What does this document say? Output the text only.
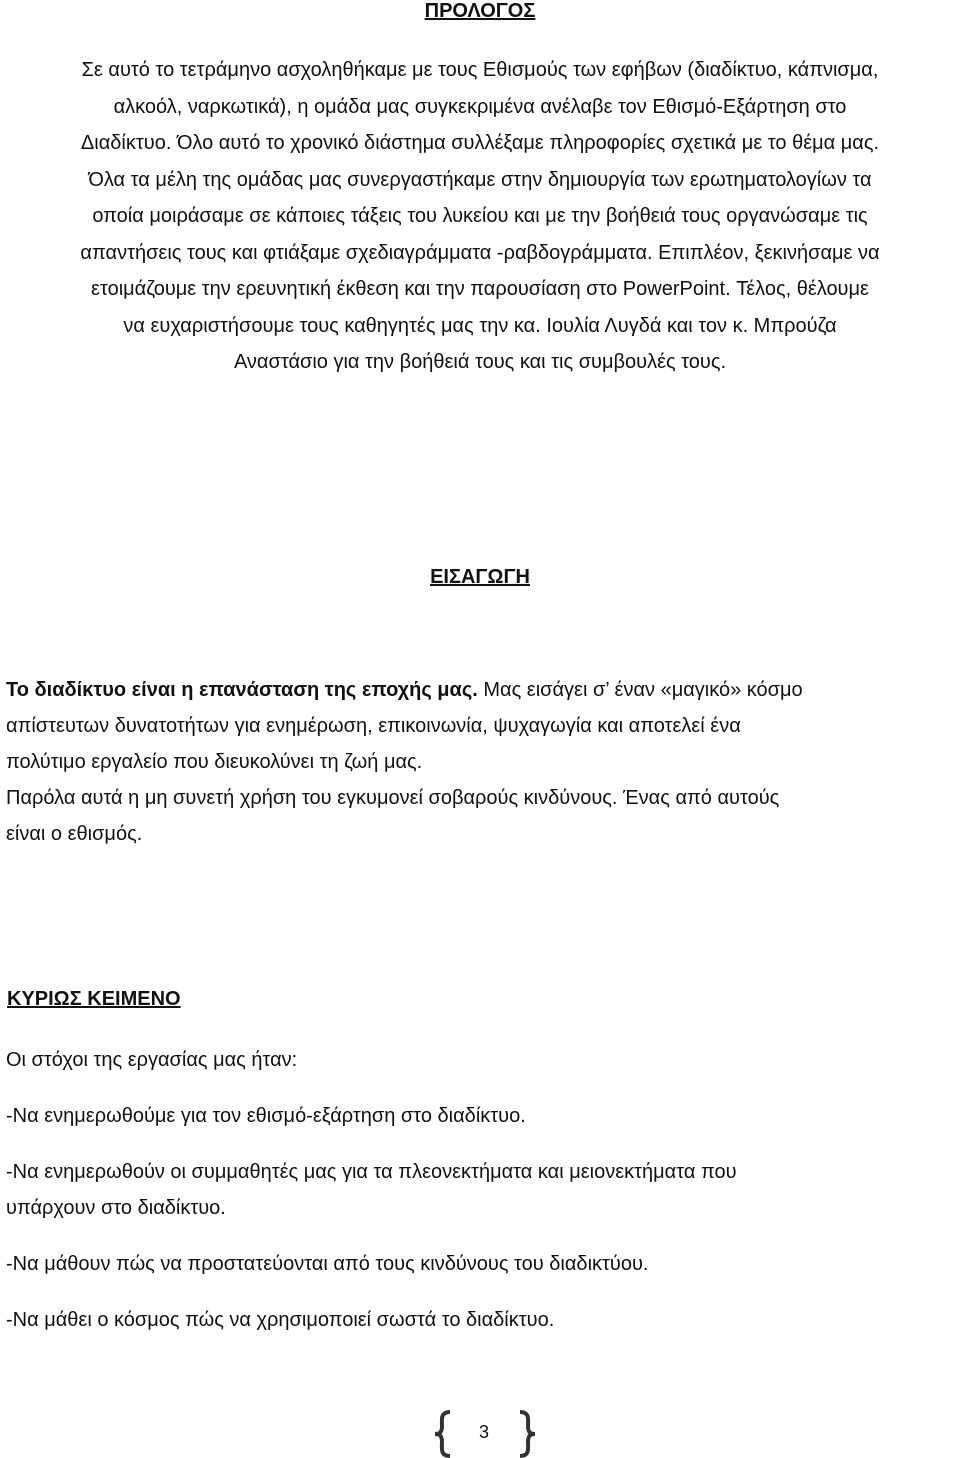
ΠΡΟΛΟΓΟΣ
Σε αυτό το τετράμηνο ασχοληθήκαμε με τους Εθισμούς των εφήβων (διαδίκτυο, κάπνισμα,
αλκοόλ, ναρκωτικά), η ομάδα μας συγκεκριμένα ανέλαβε τον Εθισμό-Εξάρτηση στο
Διαδίκτυο. Όλο αυτό το χρονικό διάστημα συλλέξαμε πληροφορίες σχετικά με το θέμα μας.
Όλα τα μέλη της ομάδας μας συνεργαστήκαμε στην δημιουργία των ερωτηματολογίων τα
οποία μοιράσαμε σε κάποιες τάξεις του λυκείου και με την βοήθειά τους οργανώσαμε τις
απαντήσεις τους και φτιάξαμε σχεδιαγράμματα -ραβδογράμματα. Επιπλέον, ξεκινήσαμε να
ετοιμάζουμε την ερευνητική έκθεση και την παρουσίαση στο PowerPoint. Τέλος, θέλουμε
να ευχαριστήσουμε τους καθηγητές μας την κα. Ιουλία Λυγδά και τον κ. Μπρούζα
Αναστάσιο για την βοήθειά τους και τις συμβουλές τους.
ΕΙΣΑΓΩΓΗ
Το διαδίκτυο είναι η επανάσταση της εποχής μας. Μας εισάγει σ’ έναν «μαγικό» κόσμο
απίστευτων δυνατοτήτων για ενημέρωση, επικοινωνία, ψυχαγωγία και αποτελεί ένα
πολύτιμο εργαλείο που διευκολύνει τη ζωή μας.
Παρόλα αυτά η μη συνετή χρήση του εγκυμονεί σοβαρούς κινδύνους. Ένας από αυτούς
είναι ο εθισμός.
ΚΥΡΙΩΣ ΚΕΙΜΕΝΟ
Οι στόχοι της εργασίας μας ήταν:
-Να ενημερωθούμε για τον εθισμό-εξάρτηση στο διαδίκτυο.
-Να ενημερωθούν οι συμμαθητές μας για τα πλεονεκτήματα και μειονεκτήματα που
υπάρχουν στο διαδίκτυο.
-Να μάθουν πώς να προστατεύονται από τους κινδύνους του διαδικτύου.
-Να μάθει ο κόσμος πώς να χρησιμοποιεί σωστά το διαδίκτυο.
3
